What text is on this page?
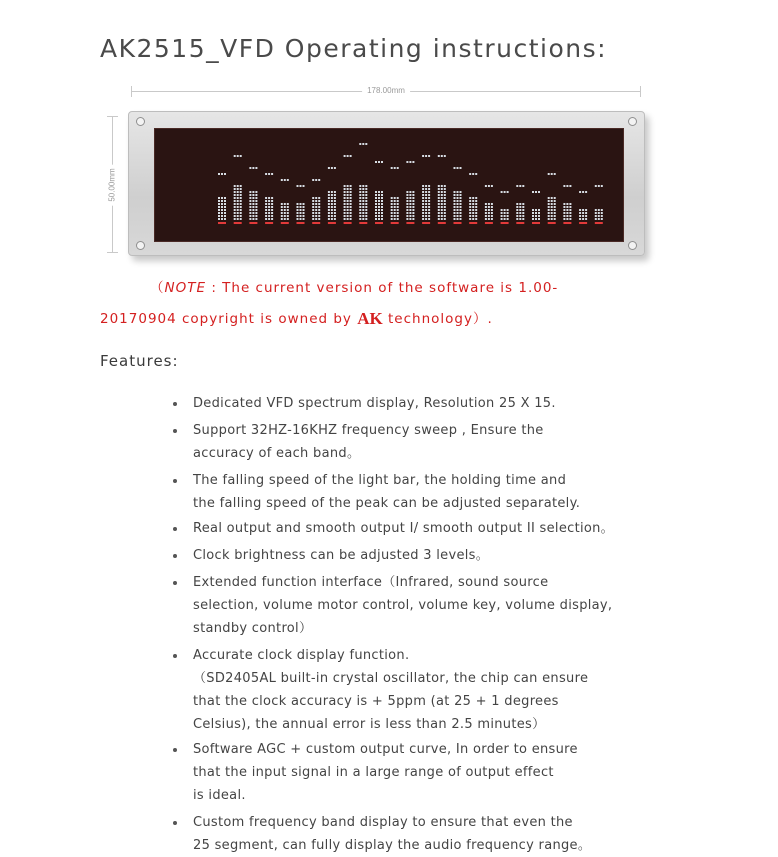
AK2515_VFD Operating instructions:
178.00mm
50.00mm

（NOTE : The current version of the software is 1.00-

20170904 copyright is owned by AK technology）.

Features:
Dedicated VFD spectrum display, Resolution 25 X 15.
Support 32HZ-16KHZ frequency sweep , Ensure the
accuracy of each band。
The falling speed of the light bar, the holding time and
the falling speed of the peak can be adjusted separately.
Real output and smooth output I/ smooth output II selection。
Clock brightness can be adjusted 3 levels。
Extended function interface（Infrared, sound source
selection, volume motor control, volume key, volume display,
standby control）
Accurate clock display function.
（SD2405AL built-in crystal oscillator, the chip can ensure
that the clock accuracy is + 5ppm (at 25 + 1 degrees
Celsius), the annual error is less than 2.5 minutes）
Software AGC + custom output curve, In order to ensure
that the input signal in a large range of output effect
is ideal.
Custom frequency band display to ensure that even the
25 segment, can fully display the audio frequency range。
